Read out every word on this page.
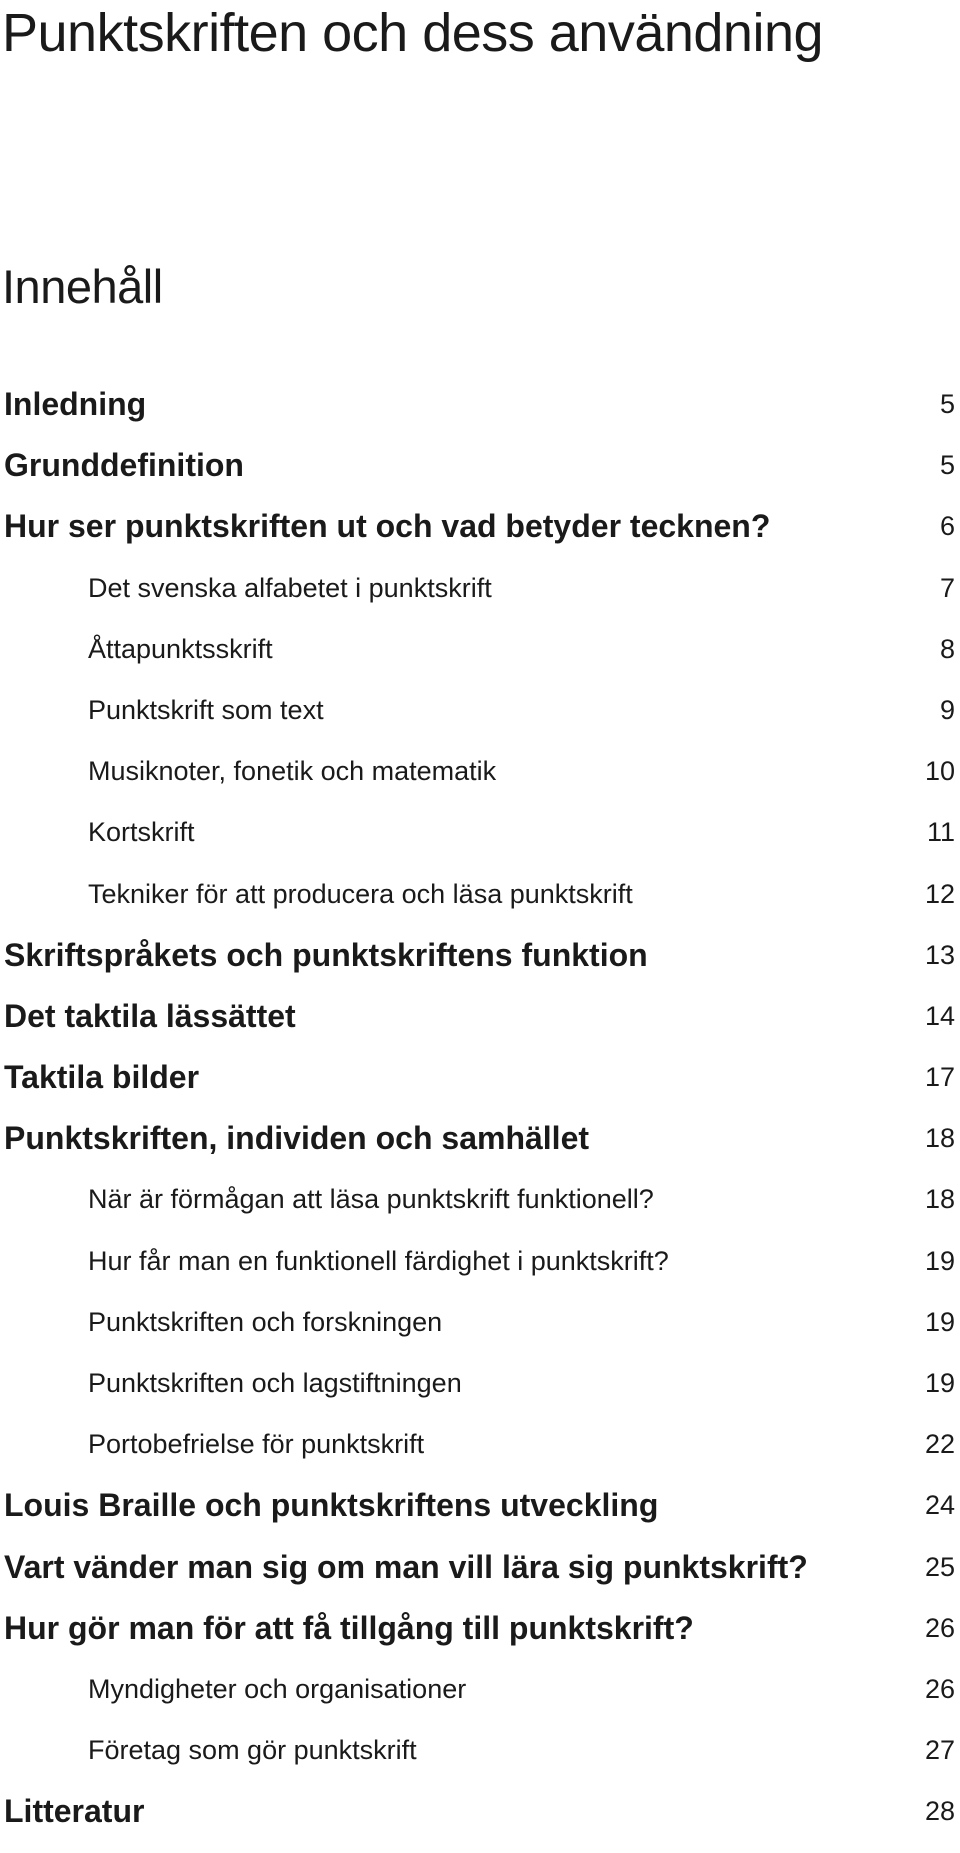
Punktskriften och dess användning
Innehåll
Inledning	5
Grunddefinition	5
Hur ser punktskriften ut och vad betyder tecknen?	6
Det svenska alfabetet i punktskrift	7
Åttapunktsskrift	8
Punktskrift som text	9
Musiknoter, fonetik och matematik	10
Kortskrift	11
Tekniker för att producera och läsa punktskrift	12
Skriftspråkets och punktskriftens funktion	13
Det taktila lässättet	14
Taktila bilder	17
Punktskriften, individen och samhället	18
När är förmågan att läsa punktskrift funktionell?	18
Hur får man en funktionell färdighet i punktskrift?	19
Punktskriften och forskningen	19
Punktskriften och lagstiftningen	19
Portobefrielse för punktskrift	22
Louis Braille och punktskriftens utveckling	24
Vart vänder man sig om man vill lära sig punktskrift?	25
Hur gör man för att få tillgång till punktskrift?	26
Myndigheter och organisationer	26
Företag som gör punktskrift	27
Litteratur	28
